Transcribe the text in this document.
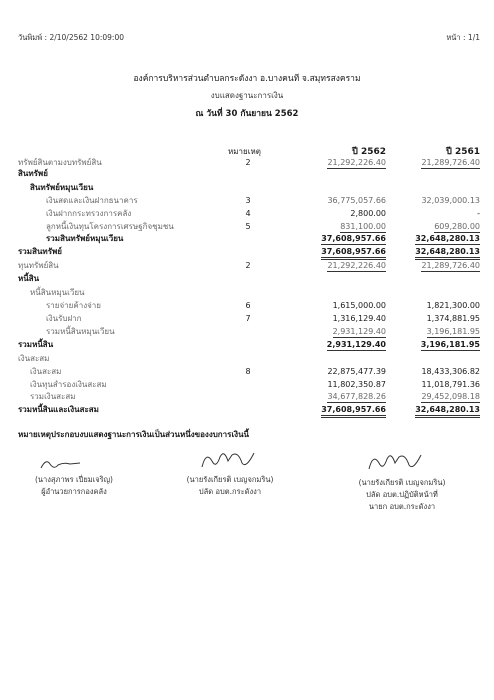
วันพิมพ์ : 2/10/2562 10:09:00	หน้า : 1/1
องค์การบริหารส่วนตำบลกระดังงา อ.บางคนที จ.สมุทรสงคราม
งบแสดงฐานะการเงิน
ณ วันที่ 30 กันยายน 2562
หมายเหตุ	ปี 2562	ปี 2561
ทรัพย์สินตามงบทรัพย์สิน	2	21,292,226.40	21,289,726.40
สินทรัพย์
สินทรัพย์หมุนเวียน
เงินสดและเงินฝากธนาคาร	3	36,775,057.66	32,039,000.13
เงินฝากกระทรวงการคลัง	4	2,800.00	-
ลูกหนี้เงินทุนโครงการเศรษฐกิจชุมชน	5	831,100.00	609,280.00
รวมสินทรัพย์หมุนเวียน	37,608,957.66	32,648,280.13
รวมสินทรัพย์	37,608,957.66	32,648,280.13
ทุนทรัพย์สิน	2	21,292,226.40	21,289,726.40
หนี้สิน
หนี้สินหมุนเวียน
รายจ่ายค้างจ่าย	6	1,615,000.00	1,821,300.00
เงินรับฝาก	7	1,316,129.40	1,374,881.95
รวมหนี้สินหมุนเวียน	2,931,129.40	3,196,181.95
รวมหนี้สิน	2,931,129.40	3,196,181.95
เงินสะสม
เงินสะสม	8	22,875,477.39	18,433,306.82
เงินทุนสำรองเงินสะสม	11,802,350.87	11,018,791.36
รวมเงินสะสม	34,677,828.26	29,452,098.18
รวมหนี้สินและเงินสะสม	37,608,957.66	32,648,280.13
หมายเหตุประกอบงบแสดงฐานะการเงินเป็นส่วนหนึ่งของงบการเงินนี้
(นางสุภาพร เปี่ยมเจริญ)
ผู้อำนวยการกองคลัง
(นายรังเกียรติ เบญจกมริน)
ปลัด อบต.กระดังงา
(นายรังเกียรติ เบญจกมริน)
ปลัด อบต.ปฏิบัติหน้าที่
นายก อบต.กระดังงา
